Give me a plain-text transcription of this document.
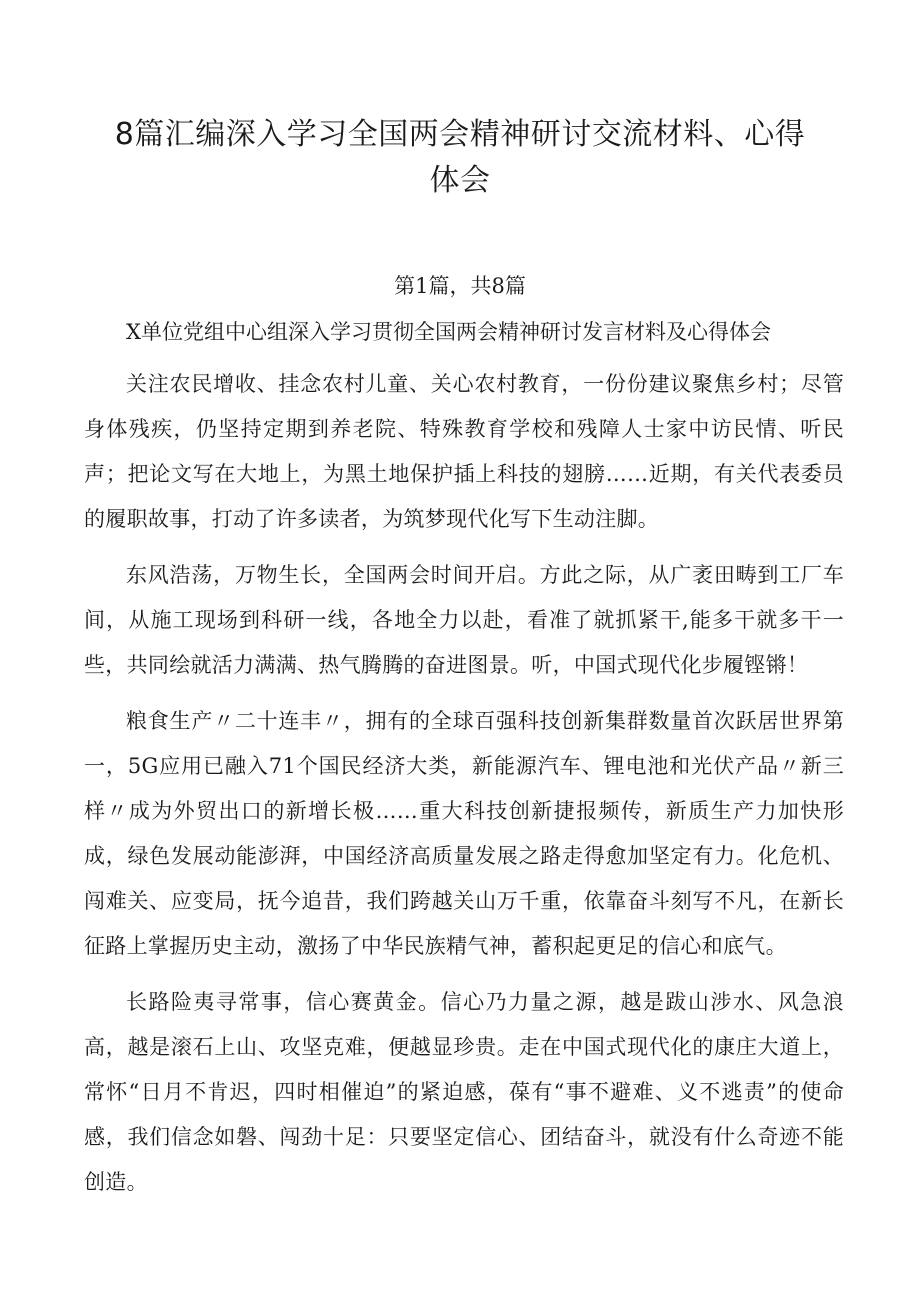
8篇汇编深入学习全国两会精神研讨交流材料、心得体会

第1篇，共8篇

X单位党组中心组深入学习贯彻全国两会精神研讨发言材料及心得体会

关注农民增收、挂念农村儿童、关心农村教育，一份份建议聚焦乡村；尽管身体残疾，仍坚持定期到养老院、特殊教育学校和残障人士家中访民情、听民声；把论文写在大地上，为黑土地保护插上科技的翅膀……近期，有关代表委员的履职故事，打动了许多读者，为筑梦现代化写下生动注脚。

东风浩荡，万物生长，全国两会时间开启。方此之际，从广袤田畴到工厂车间，从施工现场到科研一线，各地全力以赴，看准了就抓紧干,能多干就多干一些，共同绘就活力满满、热气腾腾的奋进图景。听，中国式现代化步履铿锵！

粮食生产〃二十连丰〃，拥有的全球百强科技创新集群数量首次跃居世界第一，5G应用已融入71个国民经济大类，新能源汽车、锂电池和光伏产品〃新三样〃成为外贸出口的新增长极……重大科技创新捷报频传，新质生产力加快形成，绿色发展动能澎湃，中国经济高质量发展之路走得愈加坚定有力。化危机、闯难关、应变局，抚今追昔，我们跨越关山万千重，依靠奋斗刻写不凡，在新长征路上掌握历史主动，激扬了中华民族精气神，蓄积起更足的信心和底气。

长路险夷寻常事，信心赛黄金。信心乃力量之源，越是跋山涉水、风急浪高，越是滚石上山、攻坚克难，便越显珍贵。走在中国式现代化的康庄大道上，常怀“日月不肯迟，四时相催迫”的紧迫感，葆有“事不避难、义不逃责”的使命感，我们信念如磐、闯劲十足：只要坚定信心、团结奋斗，就没有什么奇迹不能创造。
